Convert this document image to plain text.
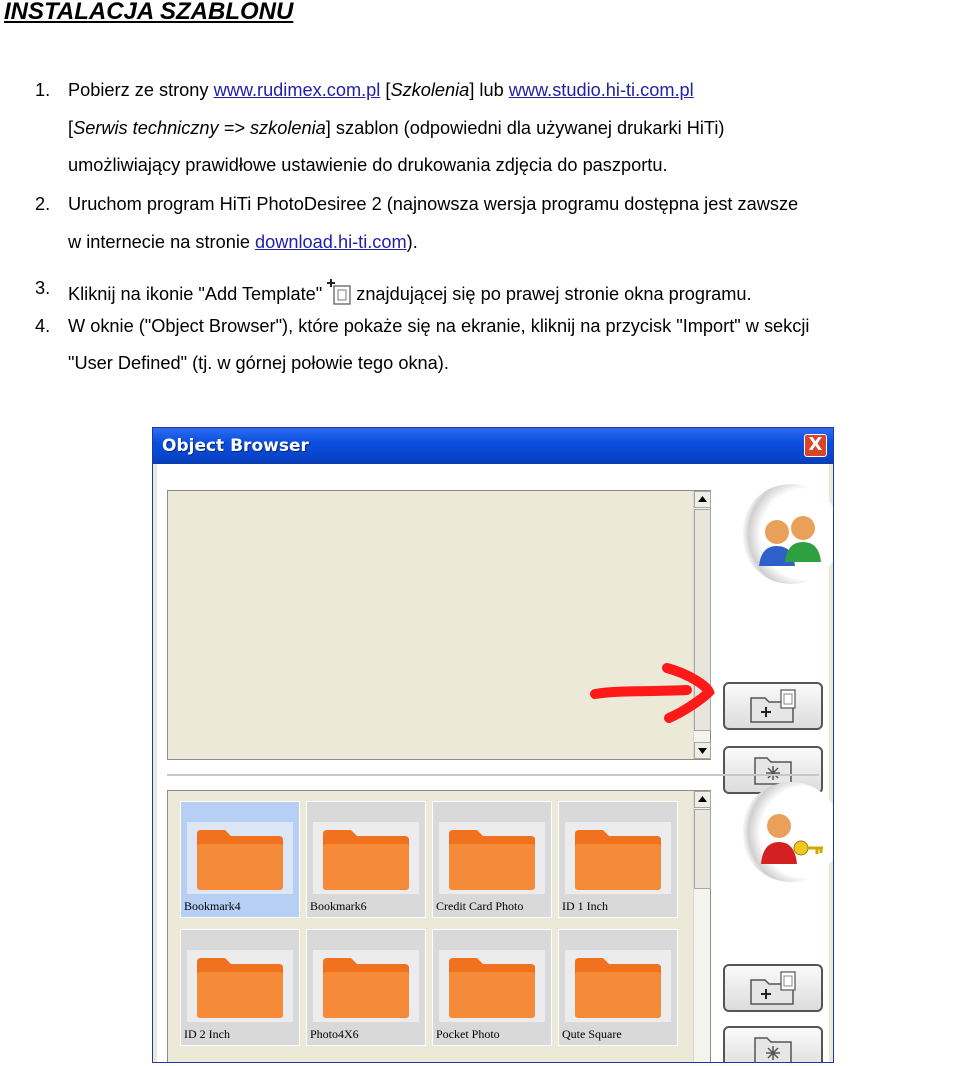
INSTALACJA SZABLONU
1. Pobierz ze strony www.rudimex.com.pl [Szkolenia] lub www.studio.hi-ti.com.pl
[Serwis techniczny => szkolenia] szablon (odpowiedni dla używanej drukarki HiTi)
umożliwiający prawidłowe ustawienie do drukowania zdjęcia do paszportu.
2. Uruchom program HiTi PhotoDesiree 2 (najnowsza wersja programu dostępna jest zawsze
w internecie na stronie download.hi-ti.com).
3. Kliknij na ikonie "Add Template" znajdującej się po prawej stronie okna programu.
4. W oknie ("Object Browser"), które pokaże się na ekranie, kliknij na przycisk "Import" w sekcji
"User Defined" (tj. w górnej połowie tego okna).
Object Browser	X
Bookmark4	Bookmark6	Credit Card Photo	ID 1 Inch
ID 2 Inch	Photo4X6	Pocket Photo	Qute Square
